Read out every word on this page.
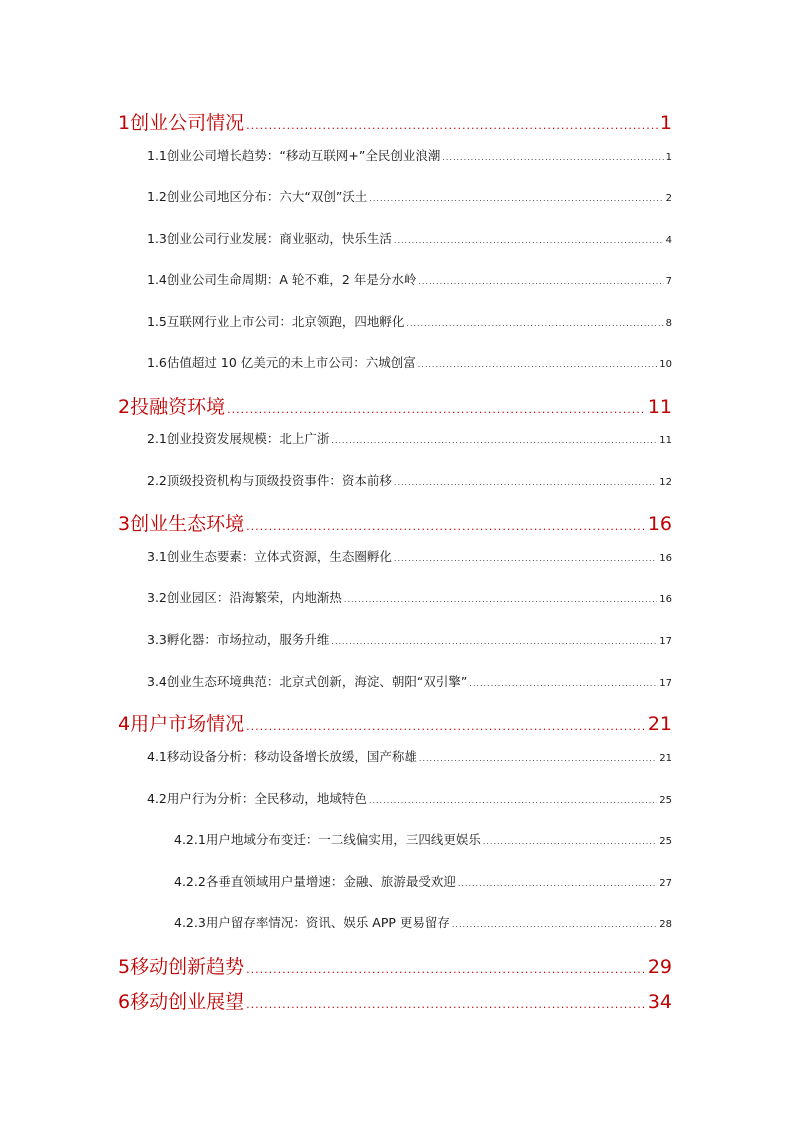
1 创业公司情况 .....	1
1.1 创业公司增长趋势：“移动互联网+”全民创业浪潮 .....	1
1.2 创业公司地区分布：六大“双创”沃土 .....	2
1.3 创业公司行业发展：商业驱动，快乐生活 .....	4
1.4 创业公司生命周期：A 轮不难，2 年是分水岭 .....	7
1.5 互联网行业上市公司：北京领跑，四地孵化 .....	8
1.6 估值超过 10 亿美元的未上市公司：六城创富 .....	10
2 投融资环境 .....	11
2.1 创业投资发展规模：北上广浙 .....	11
2.2 顶级投资机构与顶级投资事件：资本前移 .....	12
3 创业生态环境 .....	16
3.1 创业生态要素：立体式资源，生态圈孵化 .....	16
3.2 创业园区：沿海繁荣，内地渐热 .....	16
3.3 孵化器：市场拉动，服务升维 .....	17
3.4 创业生态环境典范：北京式创新，海淀、朝阳“双引擎” .....	17
4 用户市场情况 .....	21
4.1 移动设备分析：移动设备增长放缓，国产称雄 .....	21
4.2 用户行为分析：全民移动，地域特色 .....	25
4.2.1 用户地域分布变迁：一二线偏实用，三四线更娱乐 .....	25
4.2.2 各垂直领域用户量增速：金融、旅游最受欢迎 .....	27
4.2.3 用户留存率情况：资讯、娱乐 APP 更易留存 .....	28
5 移动创新趋势 .....	29
6 移动创业展望 .....	34
